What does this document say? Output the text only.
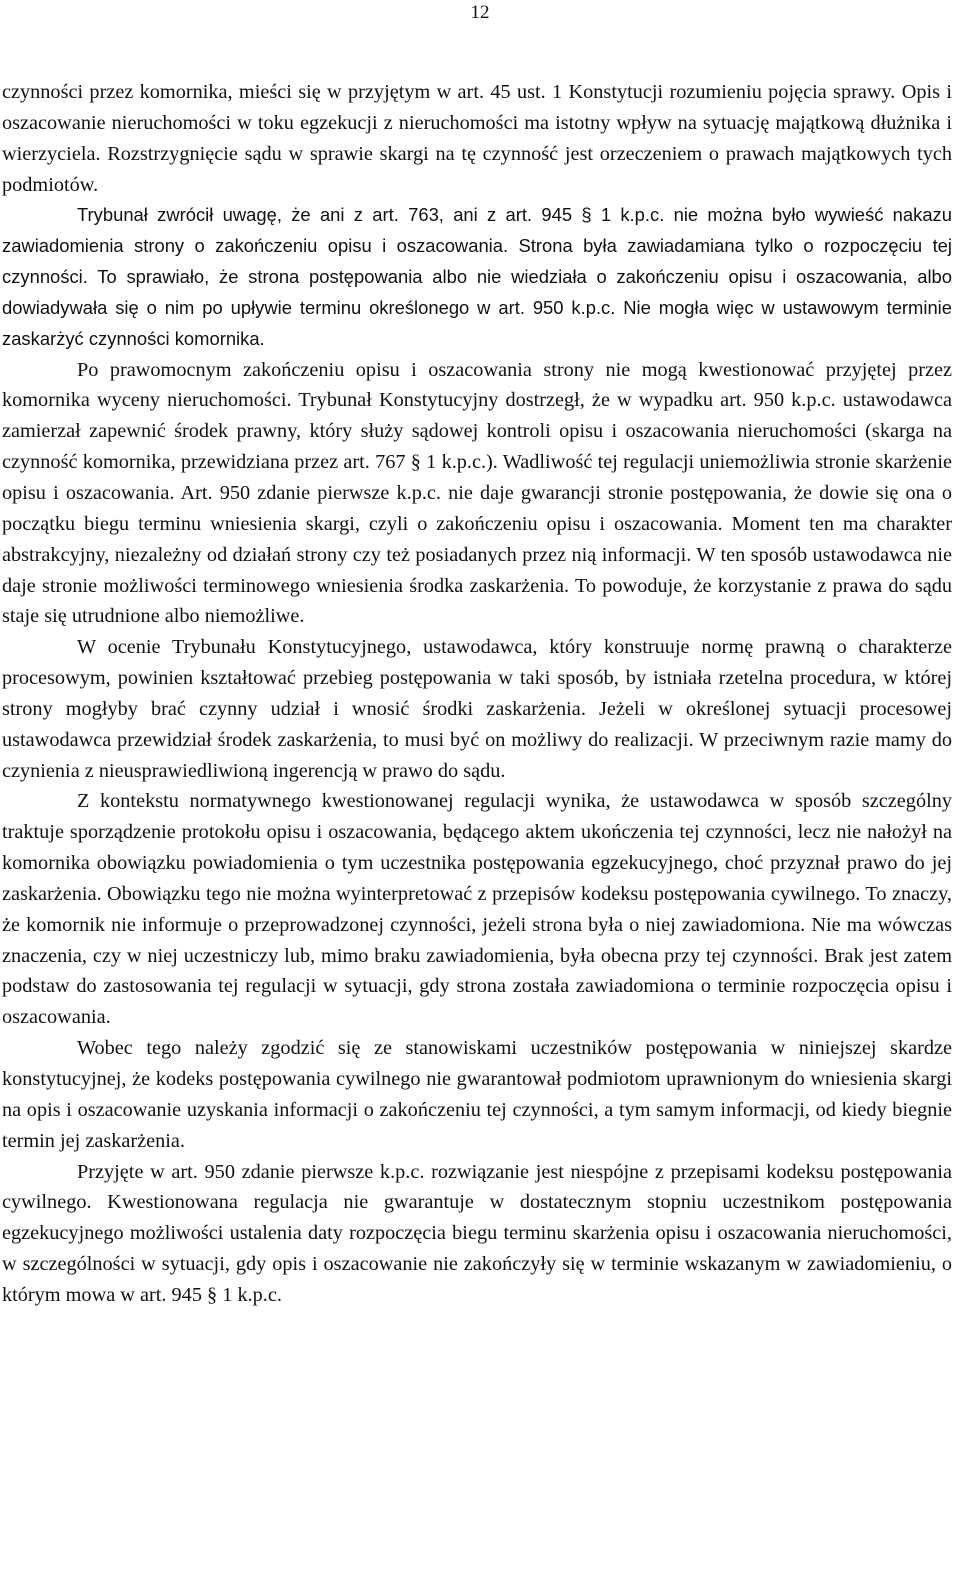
12

czynności przez komornika, mieści się w przyjętym w art. 45 ust. 1 Konstytucji rozumieniu pojęcia sprawy. Opis i oszacowanie nieruchomości w toku egzekucji z nieruchomości ma istotny wpływ na sytuację majątkową dłużnika i wierzyciela. Rozstrzygnięcie sądu w sprawie skargi na tę czynność jest orzeczeniem o prawach majątkowych tych podmiotów.

Trybunał zwrócił uwagę, że ani z art. 763, ani z art. 945 § 1 k.p.c. nie można było wywieść nakazu zawiadomienia strony o zakończeniu opisu i oszacowania. Strona była zawiadamiana tylko o rozpoczęciu tej czynności. To sprawiało, że strona postępowania albo nie wiedziała o zakończeniu opisu i oszacowania, albo dowiadywała się o nim po upływie terminu określonego w art. 950 k.p.c. Nie mogła więc w ustawowym terminie zaskarżyć czynności komornika.

Po prawomocnym zakończeniu opisu i oszacowania strony nie mogą kwestionować przyjętej przez komornika wyceny nieruchomości. Trybunał Konstytucyjny dostrzegł, że w wypadku art. 950 k.p.c. ustawodawca zamierzał zapewnić środek prawny, który służy sądowej kontroli opisu i oszacowania nieruchomości (skarga na czynność komornika, przewidziana przez art. 767 § 1 k.p.c.). Wadliwość tej regulacji uniemożliwia stronie skarżenie opisu i oszacowania. Art. 950 zdanie pierwsze k.p.c. nie daje gwarancji stronie postępowania, że dowie się ona o początku biegu terminu wniesienia skargi, czyli o zakończeniu opisu i oszacowania. Moment ten ma charakter abstrakcyjny, niezależny od działań strony czy też posiadanych przez nią informacji. W ten sposób ustawodawca nie daje stronie możliwości terminowego wniesienia środka zaskarżenia. To powoduje, że korzystanie z prawa do sądu staje się utrudnione albo niemożliwe.

W ocenie Trybunału Konstytucyjnego, ustawodawca, który konstruuje normę prawną o charakterze procesowym, powinien kształtować przebieg postępowania w taki sposób, by istniała rzetelna procedura, w której strony mogłyby brać czynny udział i wnosić środki zaskarżenia. Jeżeli w określonej sytuacji procesowej ustawodawca przewidział środek zaskarżenia, to musi być on możliwy do realizacji. W przeciwnym razie mamy do czynienia z nieusprawiedliwioną ingerencją w prawo do sądu.

Z kontekstu normatywnego kwestionowanej regulacji wynika, że ustawodawca w sposób szczególny traktuje sporządzenie protokołu opisu i oszacowania, będącego aktem ukończenia tej czynności, lecz nie nałożył na komornika obowiązku powiadomienia o tym uczestnika postępowania egzekucyjnego, choć przyznał prawo do jej zaskarżenia. Obowiązku tego nie można wyinterpretować z przepisów kodeksu postępowania cywilnego. To znaczy, że komornik nie informuje o przeprowadzonej czynności, jeżeli strona była o niej zawiadomiona. Nie ma wówczas znaczenia, czy w niej uczestniczy lub, mimo braku zawiadomienia, była obecna przy tej czynności. Brak jest zatem podstaw do zastosowania tej regulacji w sytuacji, gdy strona została zawiadomiona o terminie rozpoczęcia opisu i oszacowania.

Wobec tego należy zgodzić się ze stanowiskami uczestników postępowania w niniejszej skardze konstytucyjnej, że kodeks postępowania cywilnego nie gwarantował podmiotom uprawnionym do wniesienia skargi na opis i oszacowanie uzyskania informacji o zakończeniu tej czynności, a tym samym informacji, od kiedy biegnie termin jej zaskarżenia.

Przyjęte w art. 950 zdanie pierwsze k.p.c. rozwiązanie jest niespójne z przepisami kodeksu postępowania cywilnego. Kwestionowana regulacja nie gwarantuje w dostatecznym stopniu uczestnikom postępowania egzekucyjnego możliwości ustalenia daty rozpoczęcia biegu terminu skarżenia opisu i oszacowania nieruchomości, w szczególności w sytuacji, gdy opis i oszacowanie nie zakończyły się w terminie wskazanym w zawiadomieniu, o którym mowa w art. 945 § 1 k.p.c.
